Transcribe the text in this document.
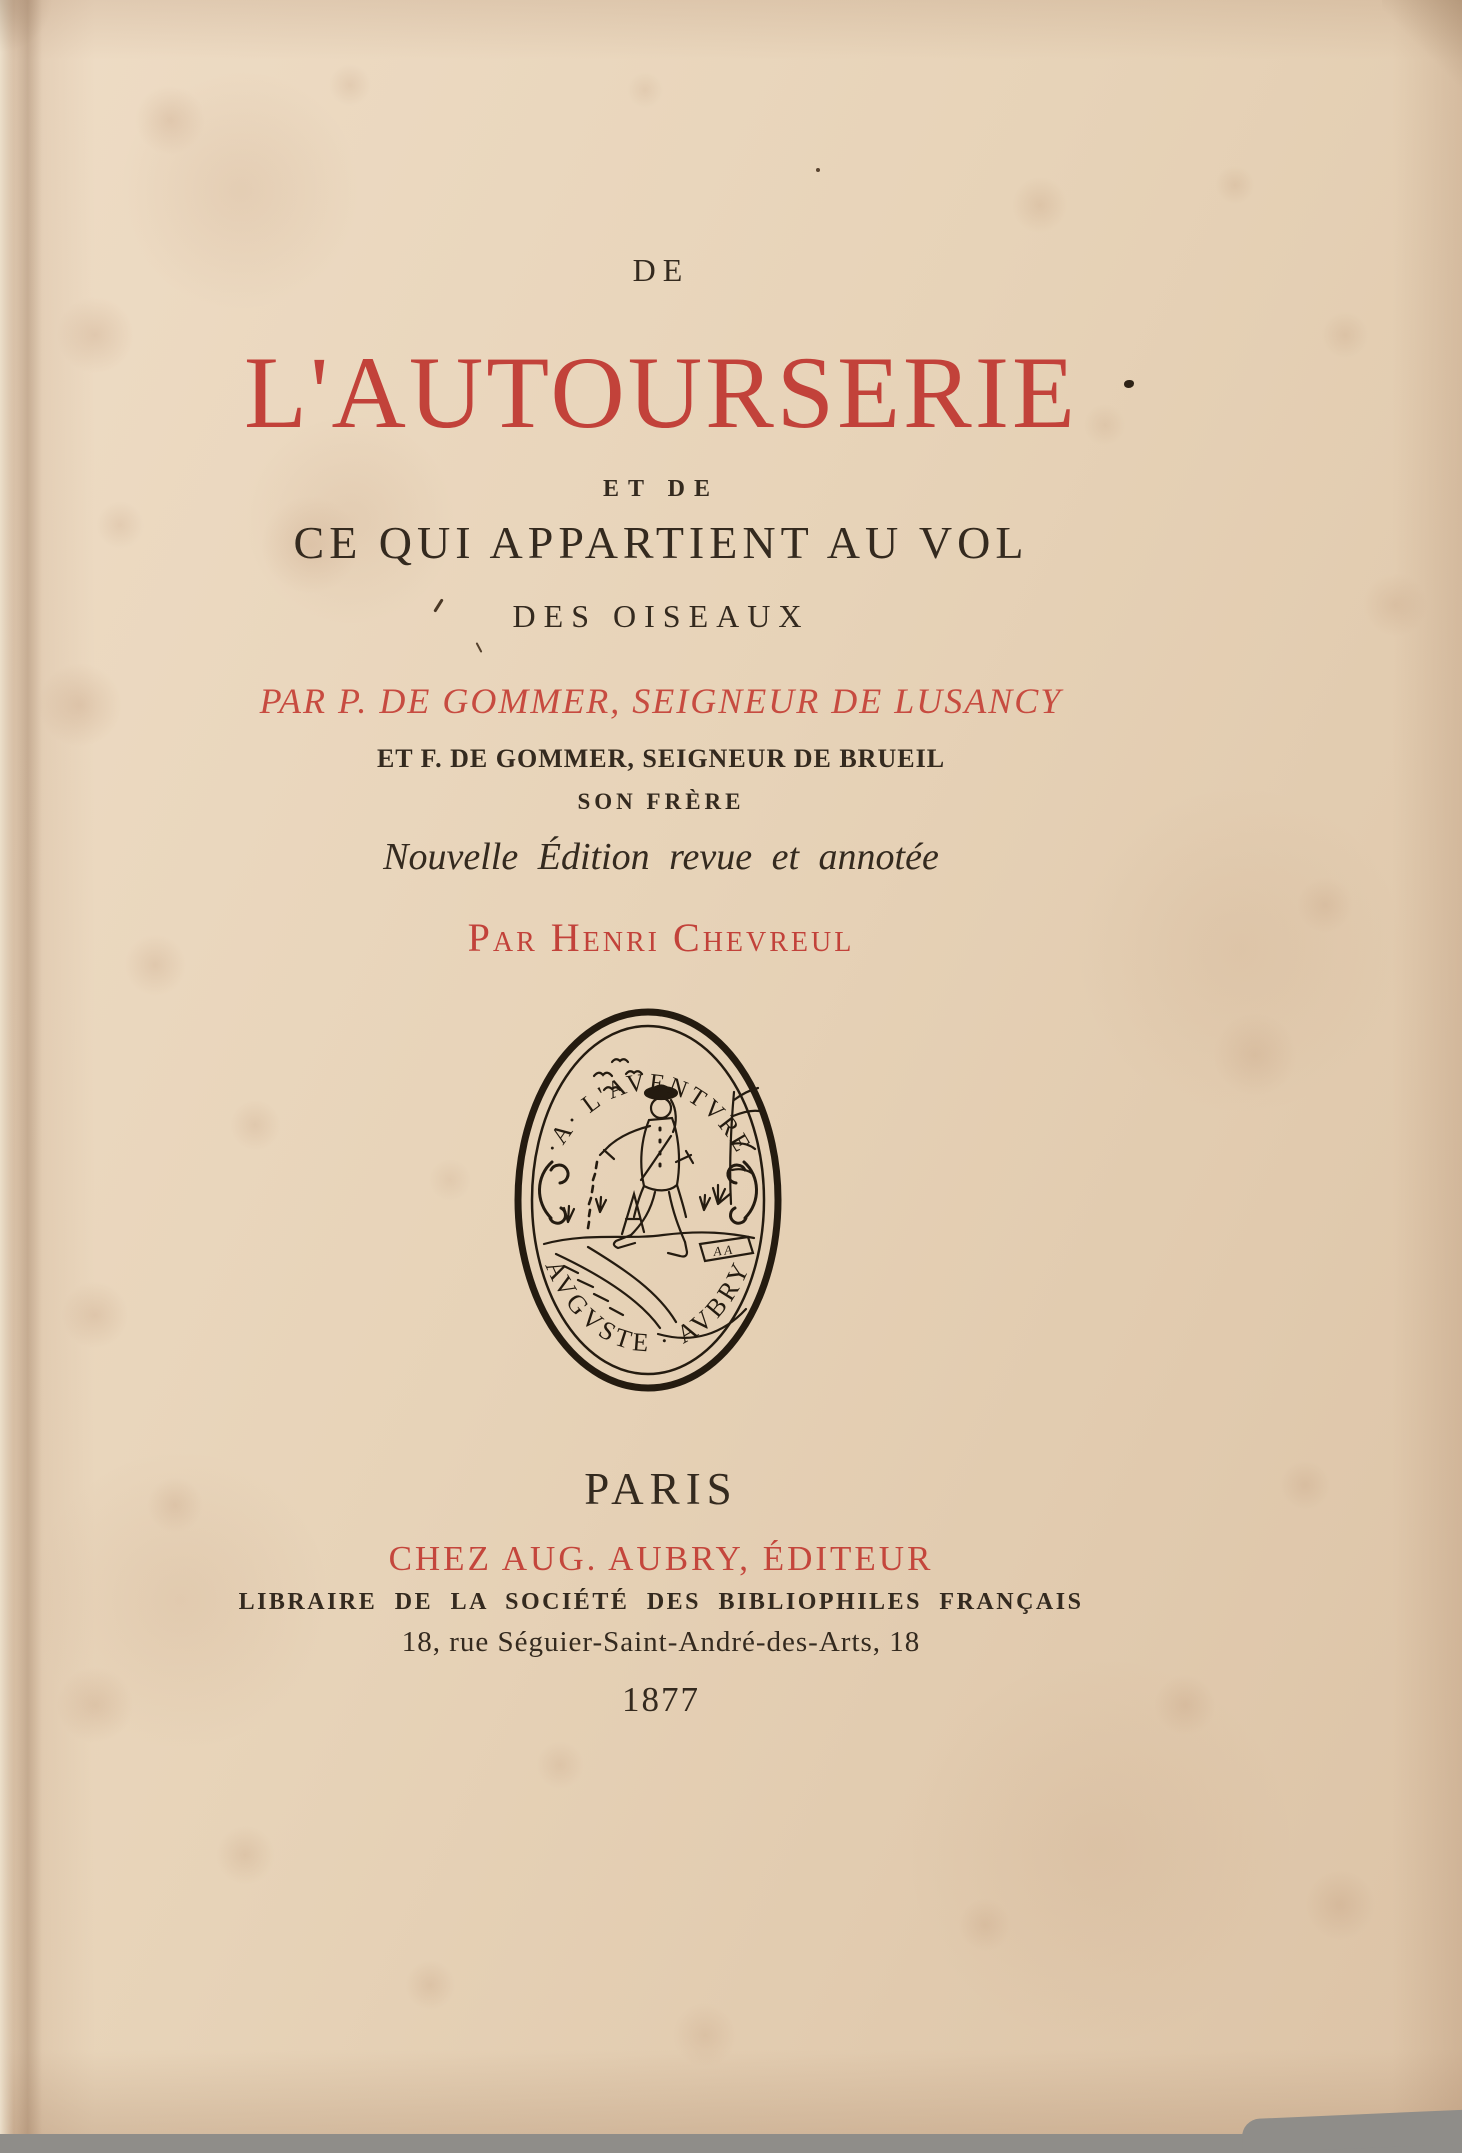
DE
L'AUTOURSERIE
ET DE
CE QUI APPARTIENT AU VOL
DES OISEAUX
PAR P. DE GOMMER, SEIGNEUR DE LUSANCY
ET F. DE GOMMER, SEIGNEUR DE BRUEIL
SON FRÈRE
Nouvelle Édition revue et annotée
Par Henri Chevreul
A A
·A· L'AVENTVRE
AVGVSTE · AVBRY
PARIS
CHEZ AUG. AUBRY, ÉDITEUR
LIBRAIRE DE LA SOCIÉTÉ DES BIBLIOPHILES FRANÇAIS
18, rue Séguier-Saint-André-des-Arts, 18
1877
